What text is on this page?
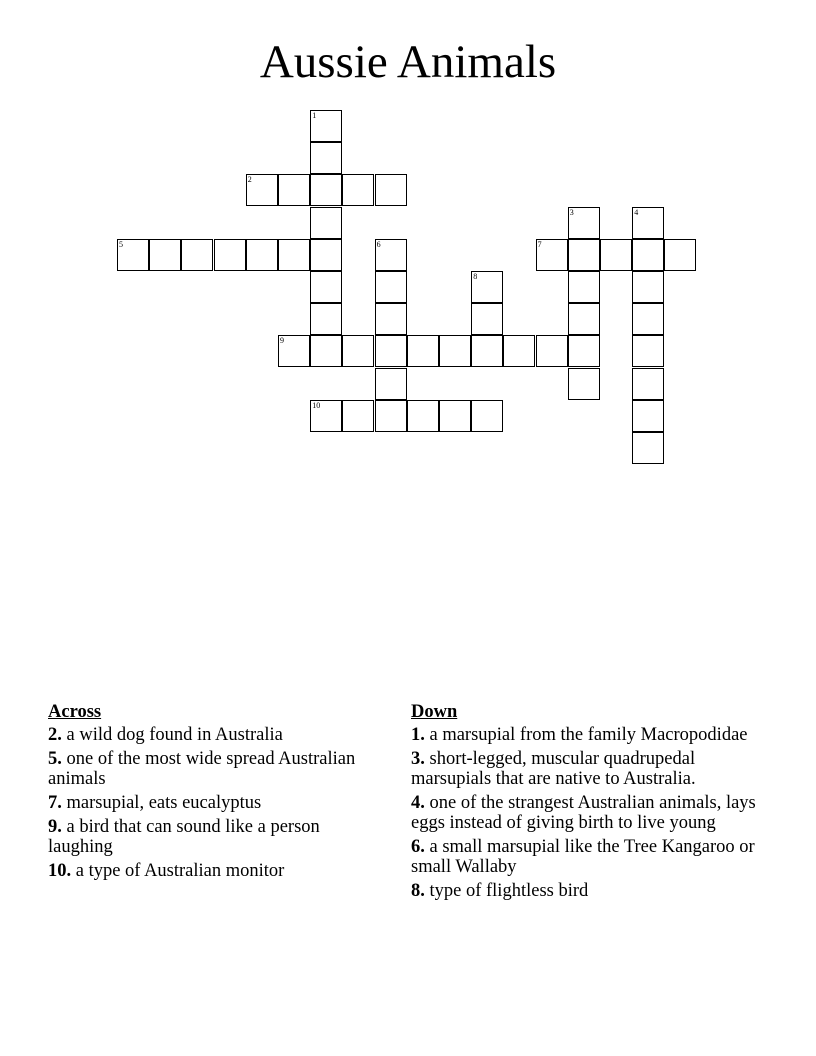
Aussie Animals
1
2
3	4
5	6	7
8
9
10
Across
2. a wild dog found in Australia
5. one of the most wide spread Australian animals
7. marsupial, eats eucalyptus
9. a bird that can sound like a person laughing
10. a type of Australian monitor
Down
1. a marsupial from the family Macropodidae
3. short-legged, muscular quadrupedal marsupials that are native to Australia.
4. one of the strangest Australian animals, lays eggs instead of giving birth to live young
6. a small marsupial like the Tree Kangaroo or small Wallaby
8. type of flightless bird
